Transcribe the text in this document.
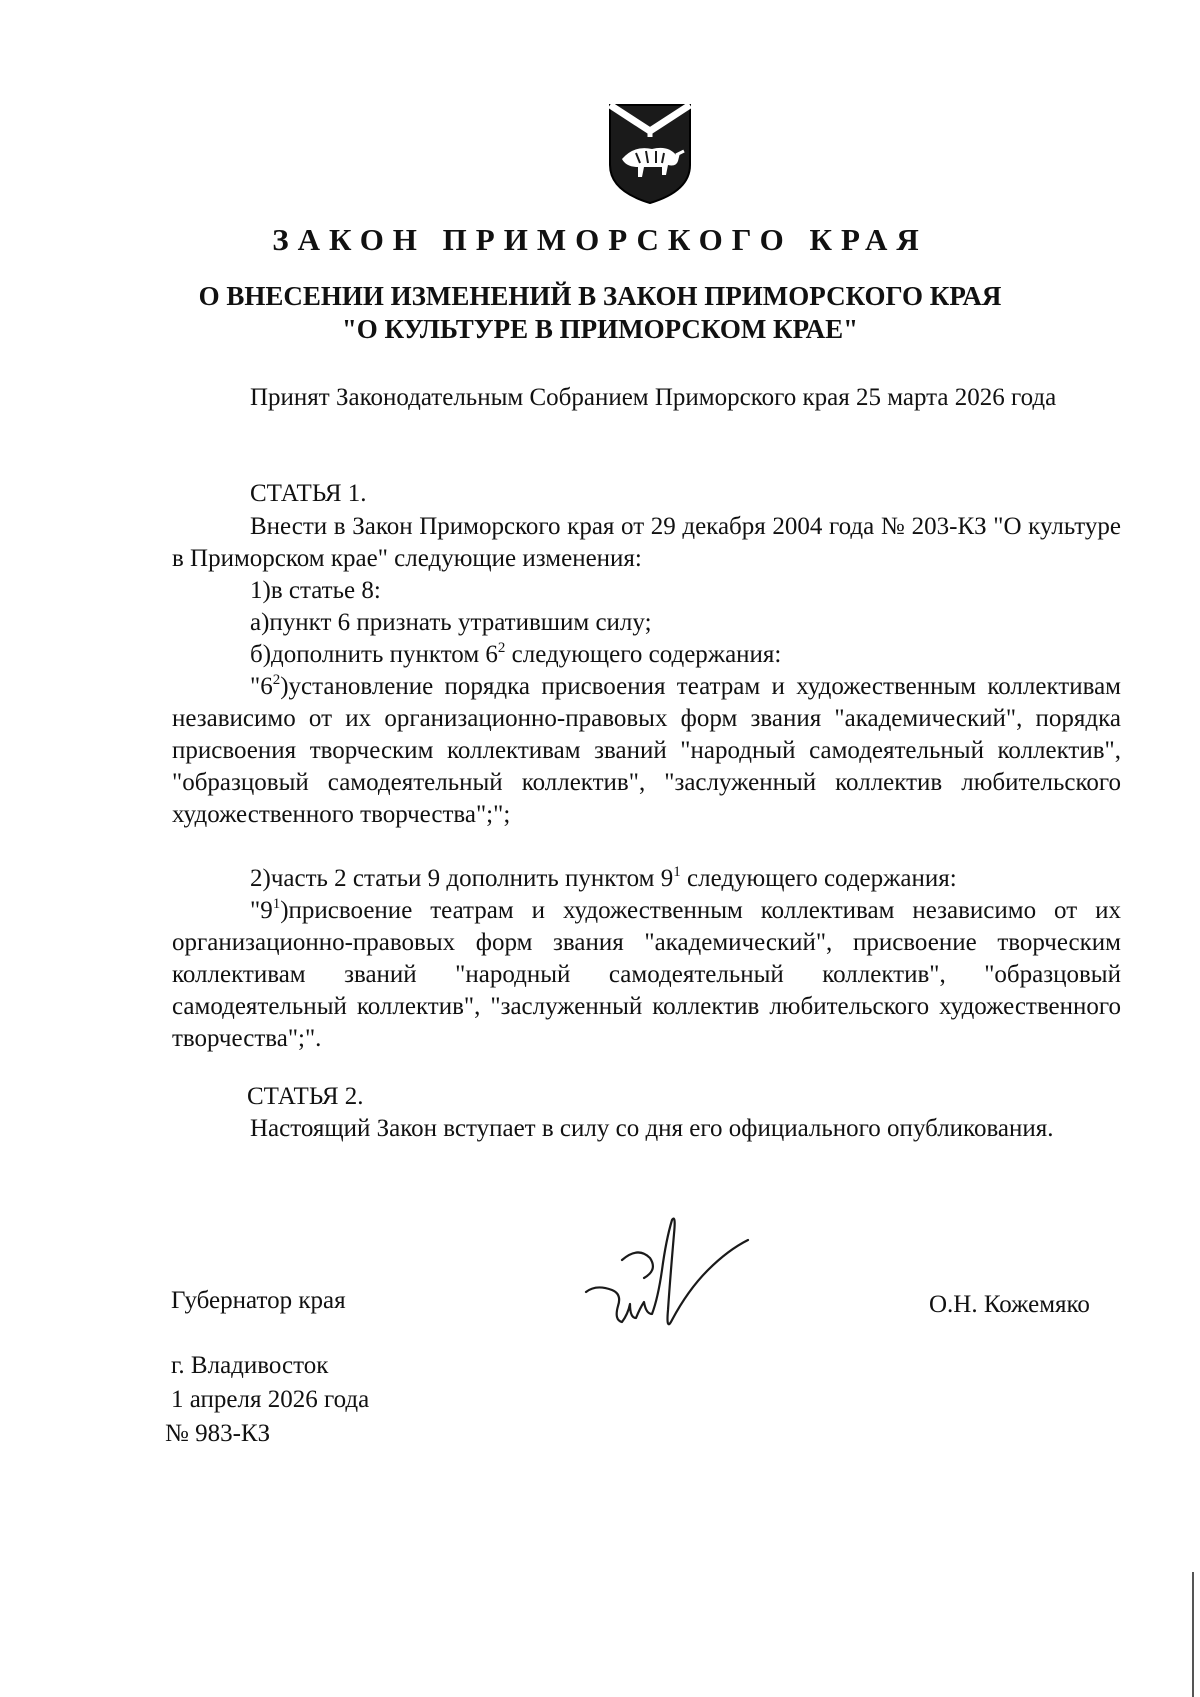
ЗАКОН ПРИМОРСКОГО КРАЯ
О ВНЕСЕНИИ ИЗМЕНЕНИЙ В ЗАКОН ПРИМОРСКОГО КРАЯ
"О КУЛЬТУРЕ В ПРИМОРСКОМ КРАЕ"
Принят Законодательным Собранием Приморского края 25 марта 2026 года
СТАТЬЯ 1.
Внести в Закон Приморского края от 29 декабря 2004 года № 203-КЗ "О культуре в Приморском крае" следующие изменения:
1)в статье 8:
а)пункт 6 признать утратившим силу;
б)дополнить пунктом $6^2$ следующего содержания:
"$6^2)установление$ порядка присвоения театрам и художественным коллективам независимо от их организационно-правовых форм звания "академический", порядка присвоения творческим коллективам званий "народный самодеятельный коллектив", "образцовый самодеятельный коллектив", "заслуженный коллектив любительского художественного творчества";";
2)часть 2 статьи 9 дополнить пунктом $9^1$ следующего содержания:
"$9^1)присвоение$ театрам и художественным коллективам независимо от их организационно-правовых форм звания "академический", присвоение творческим коллективам званий "народный самодеятельный коллектив", "образцовый самодеятельный коллектив", "заслуженный коллектив любительского художественного творчества";".
СТАТЬЯ 2.
Настоящий Закон вступает в силу со дня его официального опубликования.
Губернатор края	О.Н. Кожемяко
г. Владивосток
1 апреля 2026 года
№ 983-КЗ
